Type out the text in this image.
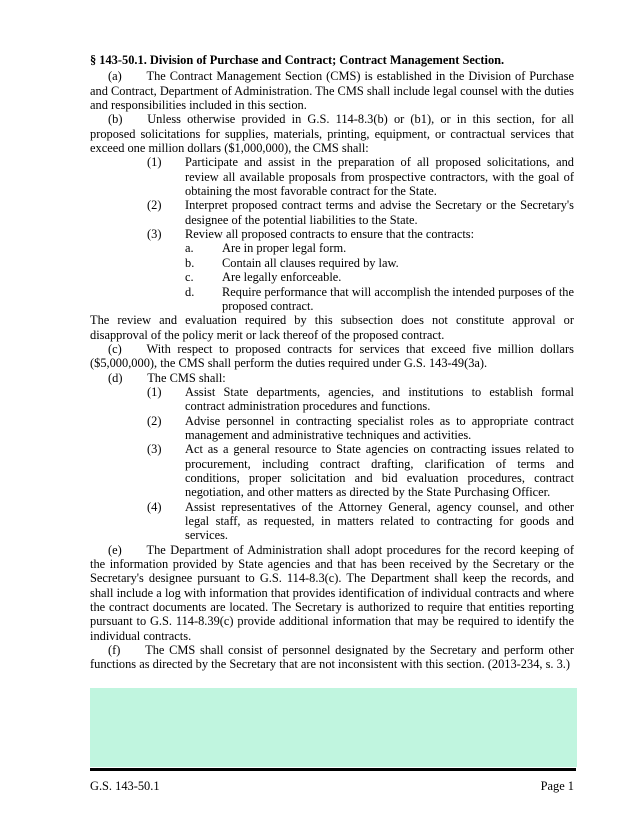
§ 143-50.1. Division of Purchase and Contract; Contract Management Section.

(a)  The Contract Management Section (CMS) is established in the Division of Purchase and Contract, Department of Administration. The CMS shall include legal counsel with the duties and responsibilities included in this section.

(b)  Unless otherwise provided in G.S. 114-8.3(b) or (b1), or in this section, for all proposed solicitations for supplies, materials, printing, equipment, or contractual services that exceed one million dollars ($1,000,000), the CMS shall:

(1)	Participate and assist in the preparation of all proposed solicitations, and review all available proposals from prospective contractors, with the goal of obtaining the most favorable contract for the State.
(2)	Interpret proposed contract terms and advise the Secretary or the Secretary's designee of the potential liabilities to the State.
(3)	Review all proposed contracts to ensure that the contracts:
a.	Are in proper legal form.
b.	Contain all clauses required by law.
c.	Are legally enforceable.
d.	Require performance that will accomplish the intended purposes of the proposed contract.

The review and evaluation required by this subsection does not constitute approval or disapproval of the policy merit or lack thereof of the proposed contract.

(c)  With respect to proposed contracts for services that exceed five million dollars ($5,000,000), the CMS shall perform the duties required under G.S. 143-49(3a).

(d)  The CMS shall:

(1)	Assist State departments, agencies, and institutions to establish formal contract administration procedures and functions.
(2)	Advise personnel in contracting specialist roles as to appropriate contract management and administrative techniques and activities.
(3)	Act as a general resource to State agencies on contracting issues related to procurement, including contract drafting, clarification of terms and conditions, proper solicitation and bid evaluation procedures, contract negotiation, and other matters as directed by the State Purchasing Officer.
(4)	Assist representatives of the Attorney General, agency counsel, and other legal staff, as requested, in matters related to contracting for goods and services.

(e)  The Department of Administration shall adopt procedures for the record keeping of the information provided by State agencies and that has been received by the Secretary or the Secretary's designee pursuant to G.S. 114-8.3(c). The Department shall keep the records, and shall include a log with information that provides identification of individual contracts and where the contract documents are located. The Secretary is authorized to require that entities reporting pursuant to G.S. 114-8.39(c) provide additional information that may be required to identify the individual contracts.

(f)  The CMS shall consist of personnel designated by the Secretary and perform other functions as directed by the Secretary that are not inconsistent with this section. (2013-234, s. 3.)

G.S. 143-50.1	Page 1
